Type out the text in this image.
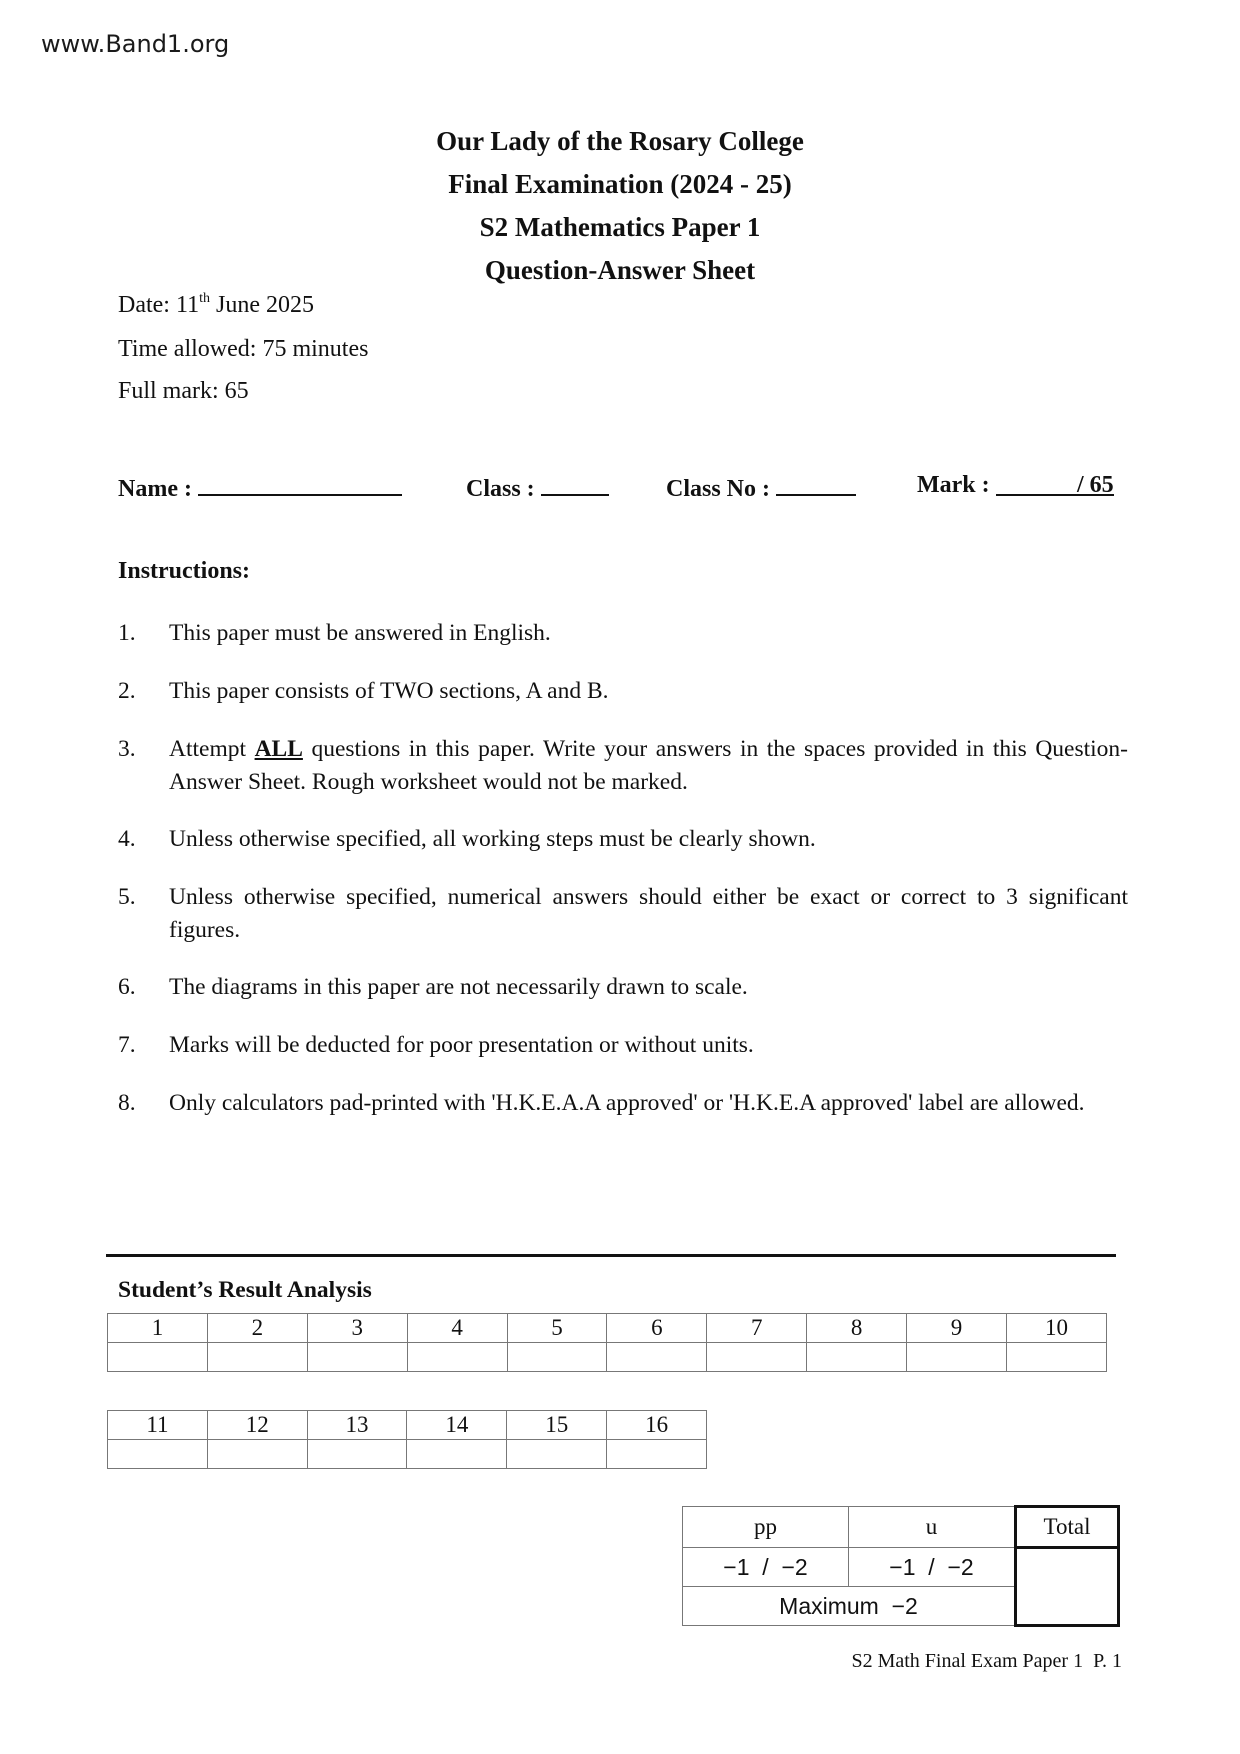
www.Band1.org
Our Lady of the Rosary College
Final Examination (2024 - 25)
S2 Mathematics Paper 1
Question-Answer Sheet
Date: 11th June 2025
Time allowed: 75 minutes
Full mark: 65
Name :	Class :	Class No :	Mark :	/ 65
Instructions:
1. This paper must be answered in English.
2. This paper consists of TWO sections, A and B.
3. Attempt ALL questions in this paper. Write your answers in the spaces provided in this Question-Answer Sheet. Rough worksheet would not be marked.
4. Unless otherwise specified, all working steps must be clearly shown.
5. Unless otherwise specified, numerical answers should either be exact or correct to 3 significant figures.
6. The diagrams in this paper are not necessarily drawn to scale.
7. Marks will be deducted for poor presentation or without units.
8. Only calculators pad-printed with 'H.K.E.A.A approved' or 'H.K.E.A approved' label are allowed.
Student’s Result Analysis
1	2	3	4	5	6	7	8	9	10

11	12	13	14	15	16

pp	u	Total
−1  /  −2	−1  /  −2	
Maximum  −2		
S2 Math Final Exam Paper 1  P. 1
